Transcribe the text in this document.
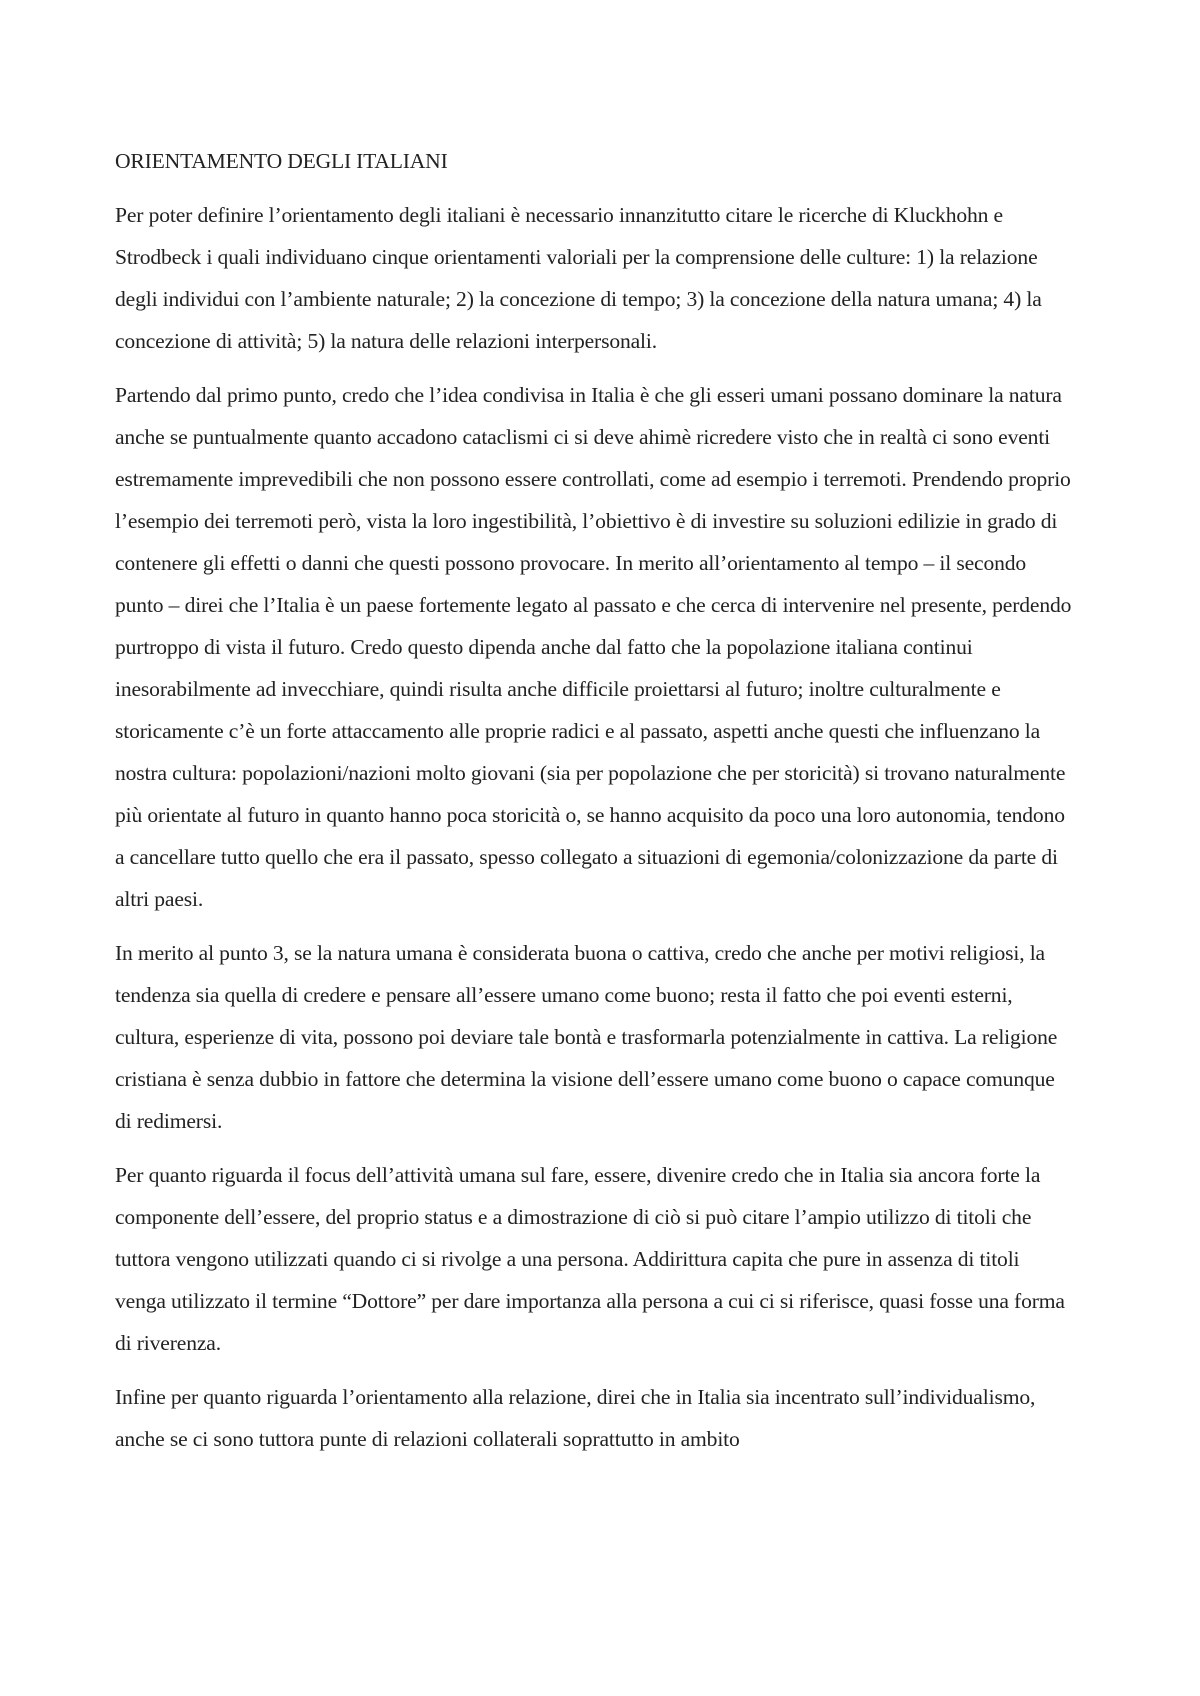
ORIENTAMENTO DEGLI ITALIANI

Per poter definire l’orientamento degli italiani è necessario innanzitutto citare le ricerche di Kluckhohn e Strodbeck i quali individuano cinque orientamenti valoriali per la comprensione delle culture: 1) la relazione degli individui con l’ambiente naturale; 2) la concezione di tempo; 3) la concezione della natura umana; 4) la concezione di attività; 5) la natura delle relazioni interpersonali.

Partendo dal primo punto, credo che l’idea condivisa in Italia è che gli esseri umani possano dominare la natura anche se puntualmente quanto accadono cataclismi ci si deve ahimè ricredere visto che in realtà ci sono eventi estremamente imprevedibili che non possono essere controllati, come ad esempio i terremoti. Prendendo proprio l’esempio dei terremoti però, vista la loro ingestibilità, l’obiettivo è di investire su soluzioni edilizie in grado di contenere gli effetti o danni che questi possono provocare. In merito all’orientamento al tempo – il secondo punto – direi che l’Italia è un paese fortemente legato al passato e che cerca di intervenire nel presente, perdendo purtroppo di vista il futuro. Credo questo dipenda anche dal fatto che la popolazione italiana continui inesorabilmente ad invecchiare, quindi risulta anche difficile proiettarsi al futuro; inoltre culturalmente e storicamente c’è un forte attaccamento alle proprie radici e al passato, aspetti anche questi che influenzano la nostra cultura: popolazioni/nazioni molto giovani (sia per popolazione che per storicità) si trovano naturalmente più orientate al futuro in quanto hanno poca storicità o, se hanno acquisito da poco una loro autonomia, tendono a cancellare tutto quello che era il passato, spesso collegato a situazioni di egemonia/colonizzazione da parte di altri paesi.

In merito al punto 3, se la natura umana è considerata buona o cattiva, credo che anche per motivi religiosi, la tendenza sia quella di credere e pensare all’essere umano come buono; resta il fatto che poi eventi esterni, cultura, esperienze di vita, possono poi deviare tale bontà e trasformarla potenzialmente in cattiva. La religione cristiana è senza dubbio in fattore che determina la visione dell’essere umano come buono o capace comunque di redimersi.

Per quanto riguarda il focus dell’attività umana sul fare, essere, divenire credo che in Italia sia ancora forte la componente dell’essere, del proprio status e a dimostrazione di ciò si può citare l’ampio utilizzo di titoli che tuttora vengono utilizzati quando ci si rivolge a una persona. Addirittura capita che pure in assenza di titoli venga utilizzato il termine “Dottore” per dare importanza alla persona a cui ci si riferisce, quasi fosse una forma di riverenza.

Infine per quanto riguarda l’orientamento alla relazione, direi che in Italia sia incentrato sull’individualismo, anche se ci sono tuttora punte di relazioni collaterali soprattutto in ambito
